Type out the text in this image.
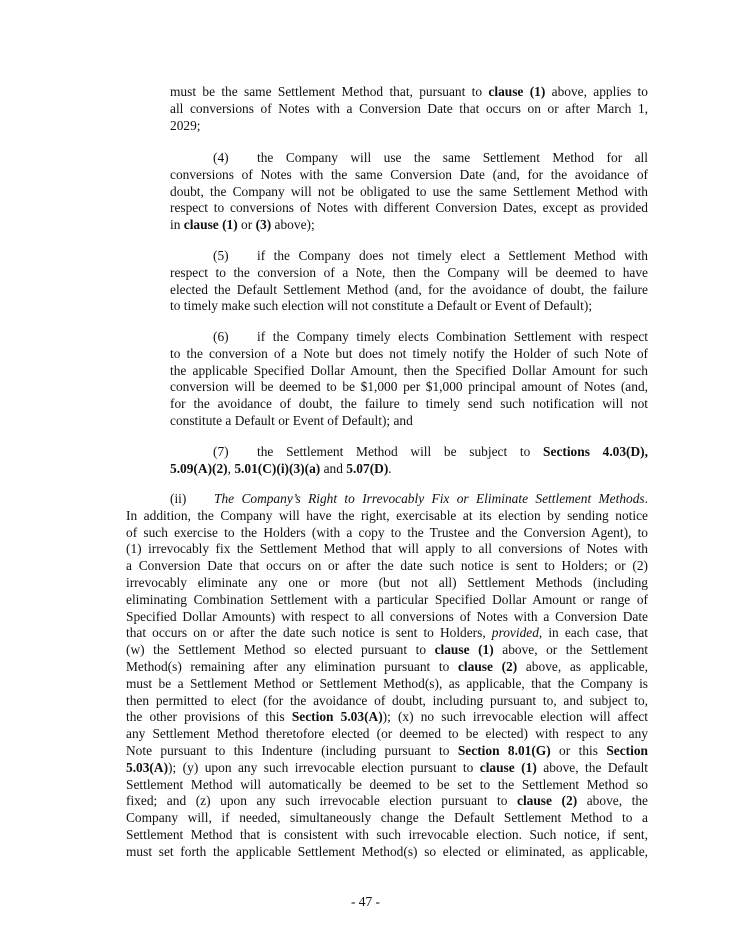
must be the same Settlement Method that, pursuant to clause (1) above, applies to
all conversions of Notes with a Conversion Date that occurs on or after March 1,
2029;
(4) the Company will use the same Settlement Method for all
conversions of Notes with the same Conversion Date (and, for the avoidance of
doubt, the Company will not be obligated to use the same Settlement Method with
respect to conversions of Notes with different Conversion Dates, except as provided
in clause (1) or (3) above);
(5) if the Company does not timely elect a Settlement Method with
respect to the conversion of a Note, then the Company will be deemed to have
elected the Default Settlement Method (and, for the avoidance of doubt, the failure
to timely make such election will not constitute a Default or Event of Default);
(6) if the Company timely elects Combination Settlement with respect
to the conversion of a Note but does not timely notify the Holder of such Note of
the applicable Specified Dollar Amount, then the Specified Dollar Amount for such
conversion will be deemed to be $1,000 per $1,000 principal amount of Notes (and,
for the avoidance of doubt, the failure to timely send such notification will not
constitute a Default or Event of Default); and
(7) the Settlement Method will be subject to Sections 4.03(D),
5.09(A)(2), 5.01(C)(i)(3)(a) and 5.07(D).
(ii) The Company’s Right to Irrevocably Fix or Eliminate Settlement Methods.
In addition, the Company will have the right, exercisable at its election by sending notice
of such exercise to the Holders (with a copy to the Trustee and the Conversion Agent), to
(1) irrevocably fix the Settlement Method that will apply to all conversions of Notes with
a Conversion Date that occurs on or after the date such notice is sent to Holders; or (2)
irrevocably eliminate any one or more (but not all) Settlement Methods (including
eliminating Combination Settlement with a particular Specified Dollar Amount or range of
Specified Dollar Amounts) with respect to all conversions of Notes with a Conversion Date
that occurs on or after the date such notice is sent to Holders, provided, in each case, that
(w) the Settlement Method so elected pursuant to clause (1) above, or the Settlement
Method(s) remaining after any elimination pursuant to clause (2) above, as applicable,
must be a Settlement Method or Settlement Method(s), as applicable, that the Company is
then permitted to elect (for the avoidance of doubt, including pursuant to, and subject to,
the other provisions of this Section 5.03(A)); (x) no such irrevocable election will affect
any Settlement Method theretofore elected (or deemed to be elected) with respect to any
Note pursuant to this Indenture (including pursuant to Section 8.01(G) or this Section
5.03(A)); (y) upon any such irrevocable election pursuant to clause (1) above, the Default
Settlement Method will automatically be deemed to be set to the Settlement Method so
fixed; and (z) upon any such irrevocable election pursuant to clause (2) above, the
Company will, if needed, simultaneously change the Default Settlement Method to a
Settlement Method that is consistent with such irrevocable election. Such notice, if sent,
must set forth the applicable Settlement Method(s) so elected or eliminated, as applicable,
- 47 -
